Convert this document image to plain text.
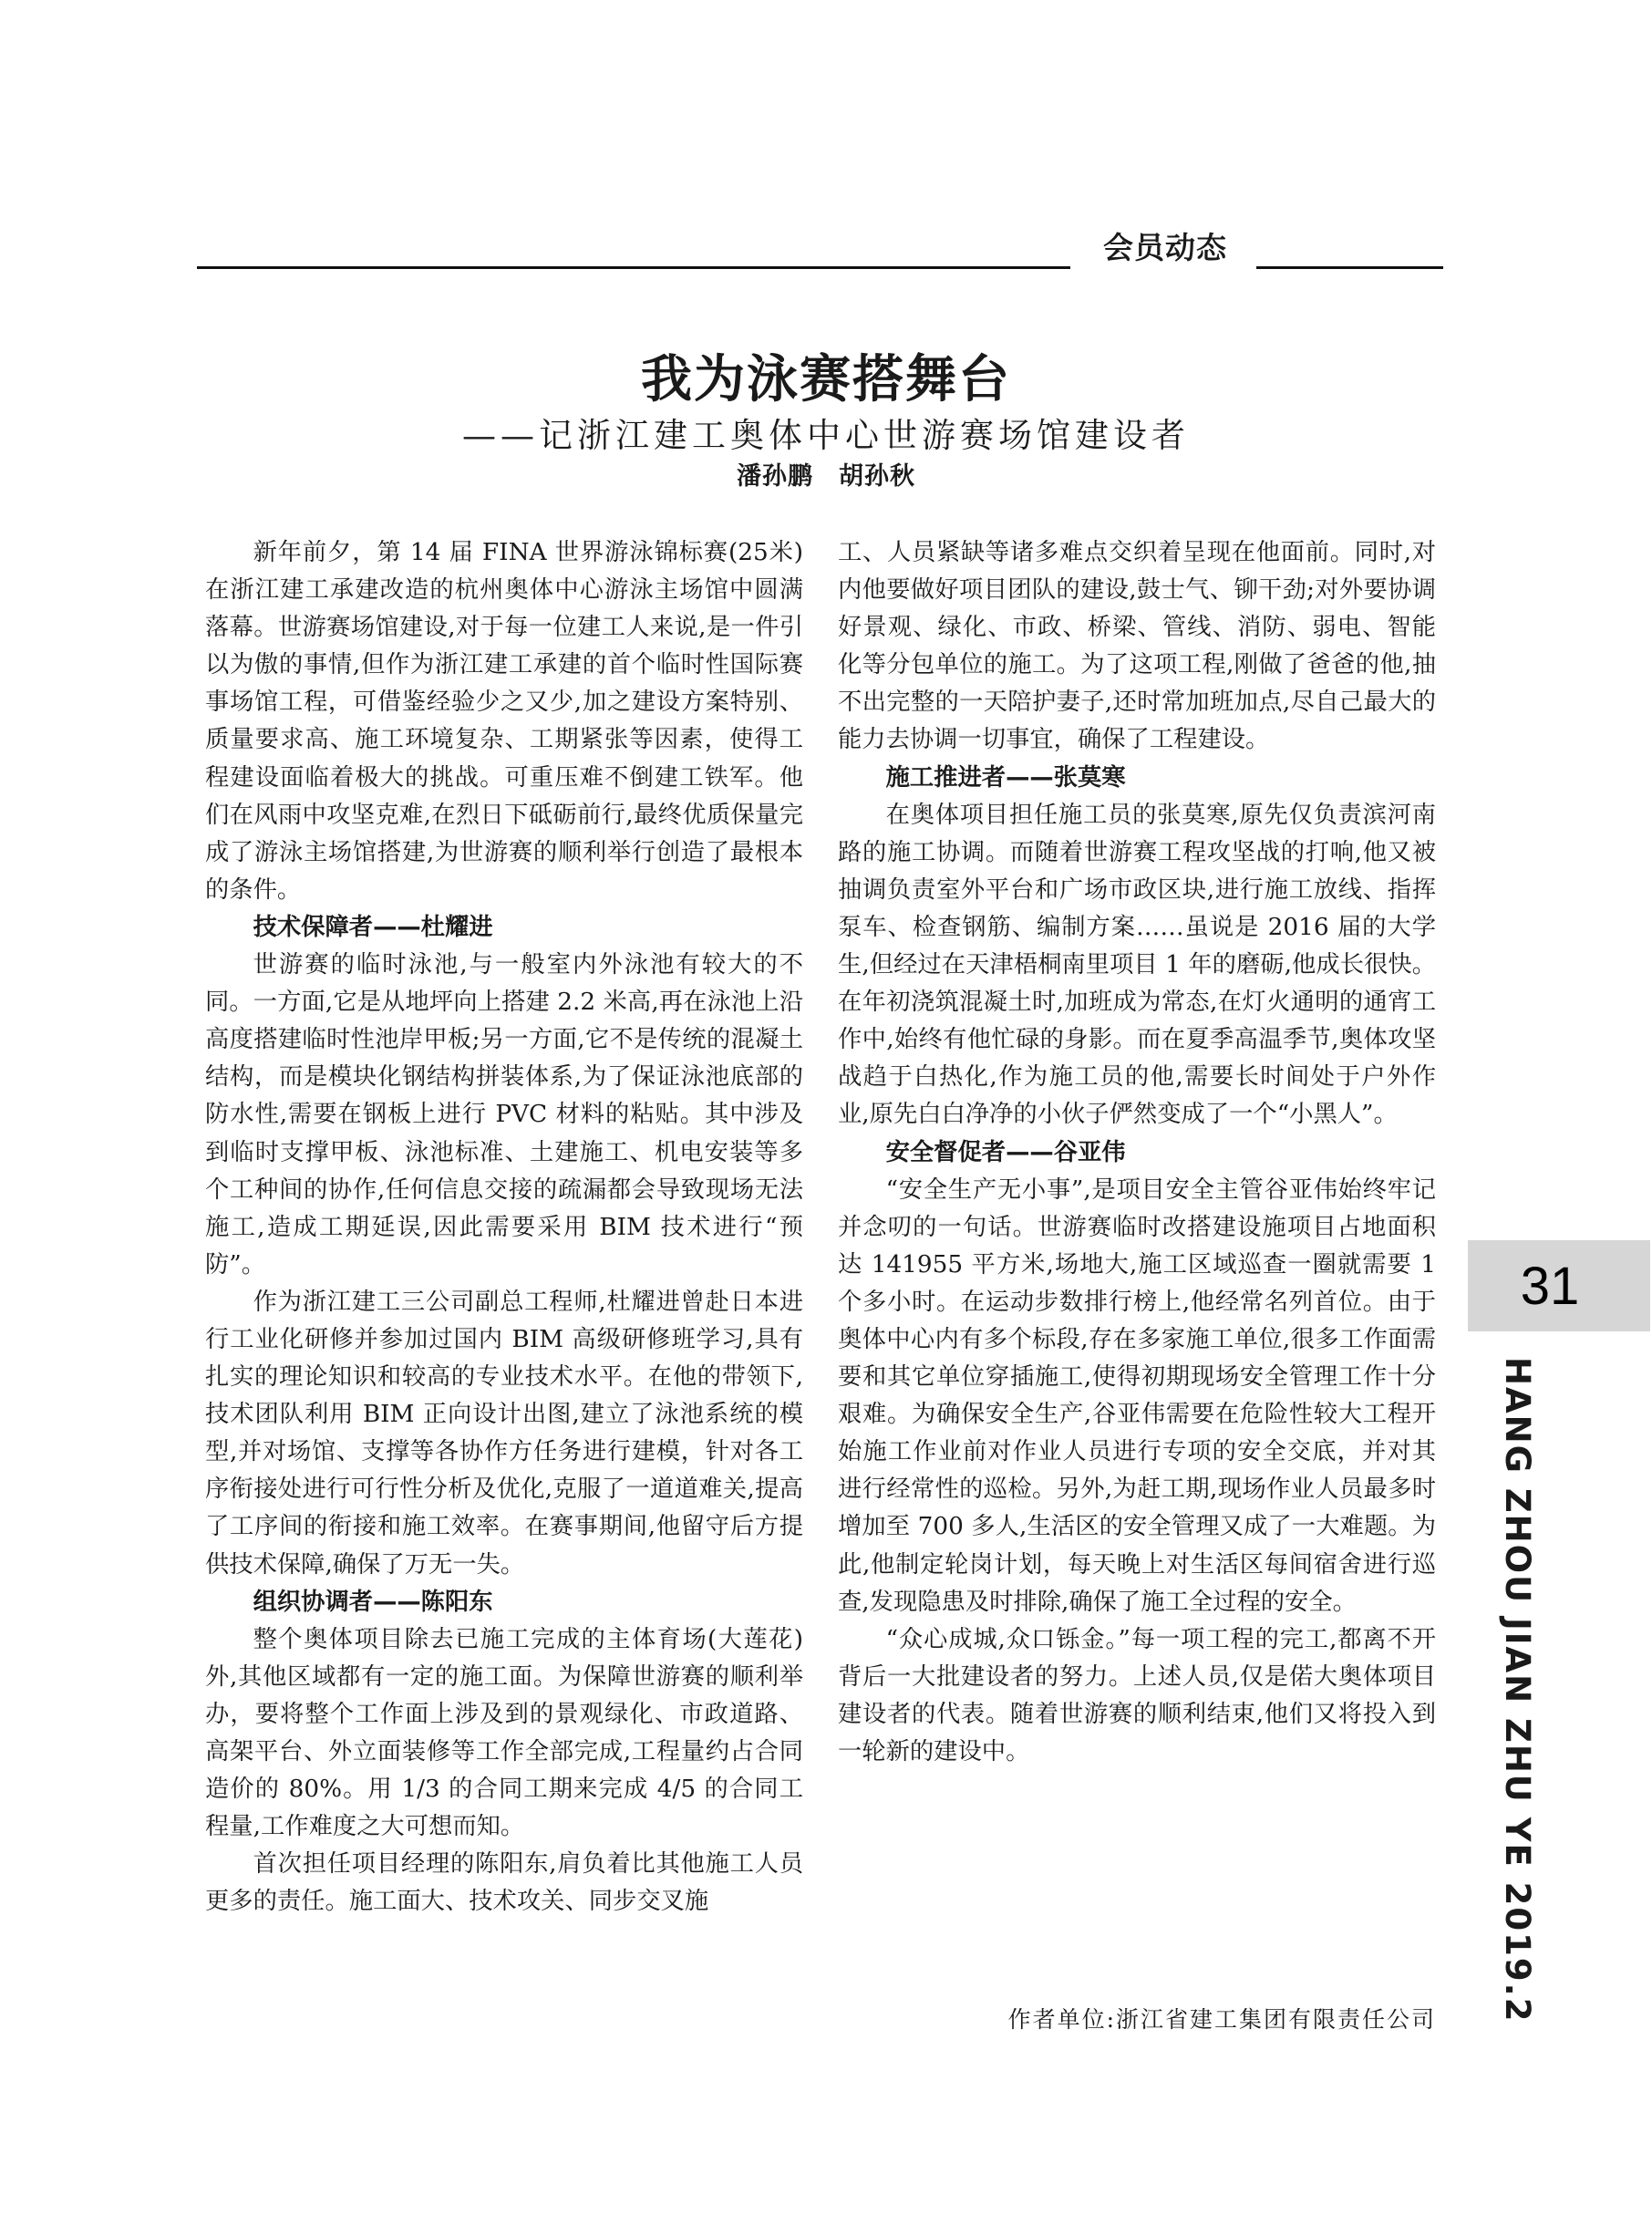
会员动态
我为泳赛搭舞台
——记浙江建工奥体中心世游赛场馆建设者
潘孙鹏　胡孙秋

新年前夕，第 14 届 FINA 世界游泳锦标赛(25米)在浙江建工承建改造的杭州奥体中心游泳主场馆中圆满落幕。世游赛场馆建设,对于每一位建工人来说,是一件引以为傲的事情,但作为浙江建工承建的首个临时性国际赛事场馆工程，可借鉴经验少之又少,加之建设方案特别、质量要求高、施工环境复杂、工期紧张等因素，使得工程建设面临着极大的挑战。可重压难不倒建工铁军。他们在风雨中攻坚克难,在烈日下砥砺前行,最终优质保量完成了游泳主场馆搭建,为世游赛的顺利举行创造了最根本的条件。

技术保障者——杜耀进

世游赛的临时泳池,与一般室内外泳池有较大的不同。一方面,它是从地坪向上搭建 2.2 米高,再在泳池上沿高度搭建临时性池岸甲板;另一方面,它不是传统的混凝土结构，而是模块化钢结构拼装体系,为了保证泳池底部的防水性,需要在钢板上进行 PVC 材料的粘贴。其中涉及到临时支撑甲板、泳池标准、土建施工、机电安装等多个工种间的协作,任何信息交接的疏漏都会导致现场无法施工,造成工期延误,因此需要采用 BIM 技术进行“预防”。

作为浙江建工三公司副总工程师,杜耀进曾赴日本进行工业化研修并参加过国内 BIM 高级研修班学习,具有扎实的理论知识和较高的专业技术水平。在他的带领下,技术团队利用 BIM 正向设计出图,建立了泳池系统的模型,并对场馆、支撑等各协作方任务进行建模，针对各工序衔接处进行可行性分析及优化,克服了一道道难关,提高了工序间的衔接和施工效率。在赛事期间,他留守后方提供技术保障,确保了万无一失。

组织协调者——陈阳东

整个奥体项目除去已施工完成的主体育场(大莲花)外,其他区域都有一定的施工面。为保障世游赛的顺利举办，要将整个工作面上涉及到的景观绿化、市政道路、高架平台、外立面装修等工作全部完成,工程量约占合同造价的 80%。用 1/3 的合同工期来完成 4/5 的合同工程量,工作难度之大可想而知。

首次担任项目经理的陈阳东,肩负着比其他施工人员更多的责任。施工面大、技术攻关、同步交叉施

工、人员紧缺等诸多难点交织着呈现在他面前。同时,对内他要做好项目团队的建设,鼓士气、铆干劲;对外要协调好景观、绿化、市政、桥梁、管线、消防、弱电、智能化等分包单位的施工。为了这项工程,刚做了爸爸的他,抽不出完整的一天陪护妻子,还时常加班加点,尽自己最大的能力去协调一切事宜，确保了工程建设。

施工推进者——张莫寒

在奥体项目担任施工员的张莫寒,原先仅负责滨河南路的施工协调。而随着世游赛工程攻坚战的打响,他又被抽调负责室外平台和广场市政区块,进行施工放线、指挥泵车、检查钢筋、编制方案……虽说是 2016 届的大学生,但经过在天津梧桐南里项目 1 年的磨砺,他成长很快。在年初浇筑混凝土时,加班成为常态,在灯火通明的通宵工作中,始终有他忙碌的身影。而在夏季高温季节,奥体攻坚战趋于白热化,作为施工员的他,需要长时间处于户外作业,原先白白净净的小伙子俨然变成了一个“小黑人”。

安全督促者——谷亚伟

“安全生产无小事”,是项目安全主管谷亚伟始终牢记并念叨的一句话。世游赛临时改搭建设施项目占地面积达 141955 平方米,场地大,施工区域巡查一圈就需要 1 个多小时。在运动步数排行榜上,他经常名列首位。由于奥体中心内有多个标段,存在多家施工单位,很多工作面需要和其它单位穿插施工,使得初期现场安全管理工作十分艰难。为确保安全生产,谷亚伟需要在危险性较大工程开始施工作业前对作业人员进行专项的安全交底，并对其进行经常性的巡检。另外,为赶工期,现场作业人员最多时增加至 700 多人,生活区的安全管理又成了一大难题。为此,他制定轮岗计划，每天晚上对生活区每间宿舍进行巡查,发现隐患及时排除,确保了施工全过程的安全。

“众心成城,众口铄金。”每一项工程的完工,都离不开背后一大批建设者的努力。上述人员,仅是偌大奥体项目建设者的代表。随着世游赛的顺利结束,他们又将投入到一轮新的建设中。

作者单位:浙江省建工集团有限责任公司
31
HANG ZHOU JIAN ZHU YE 2019.2
